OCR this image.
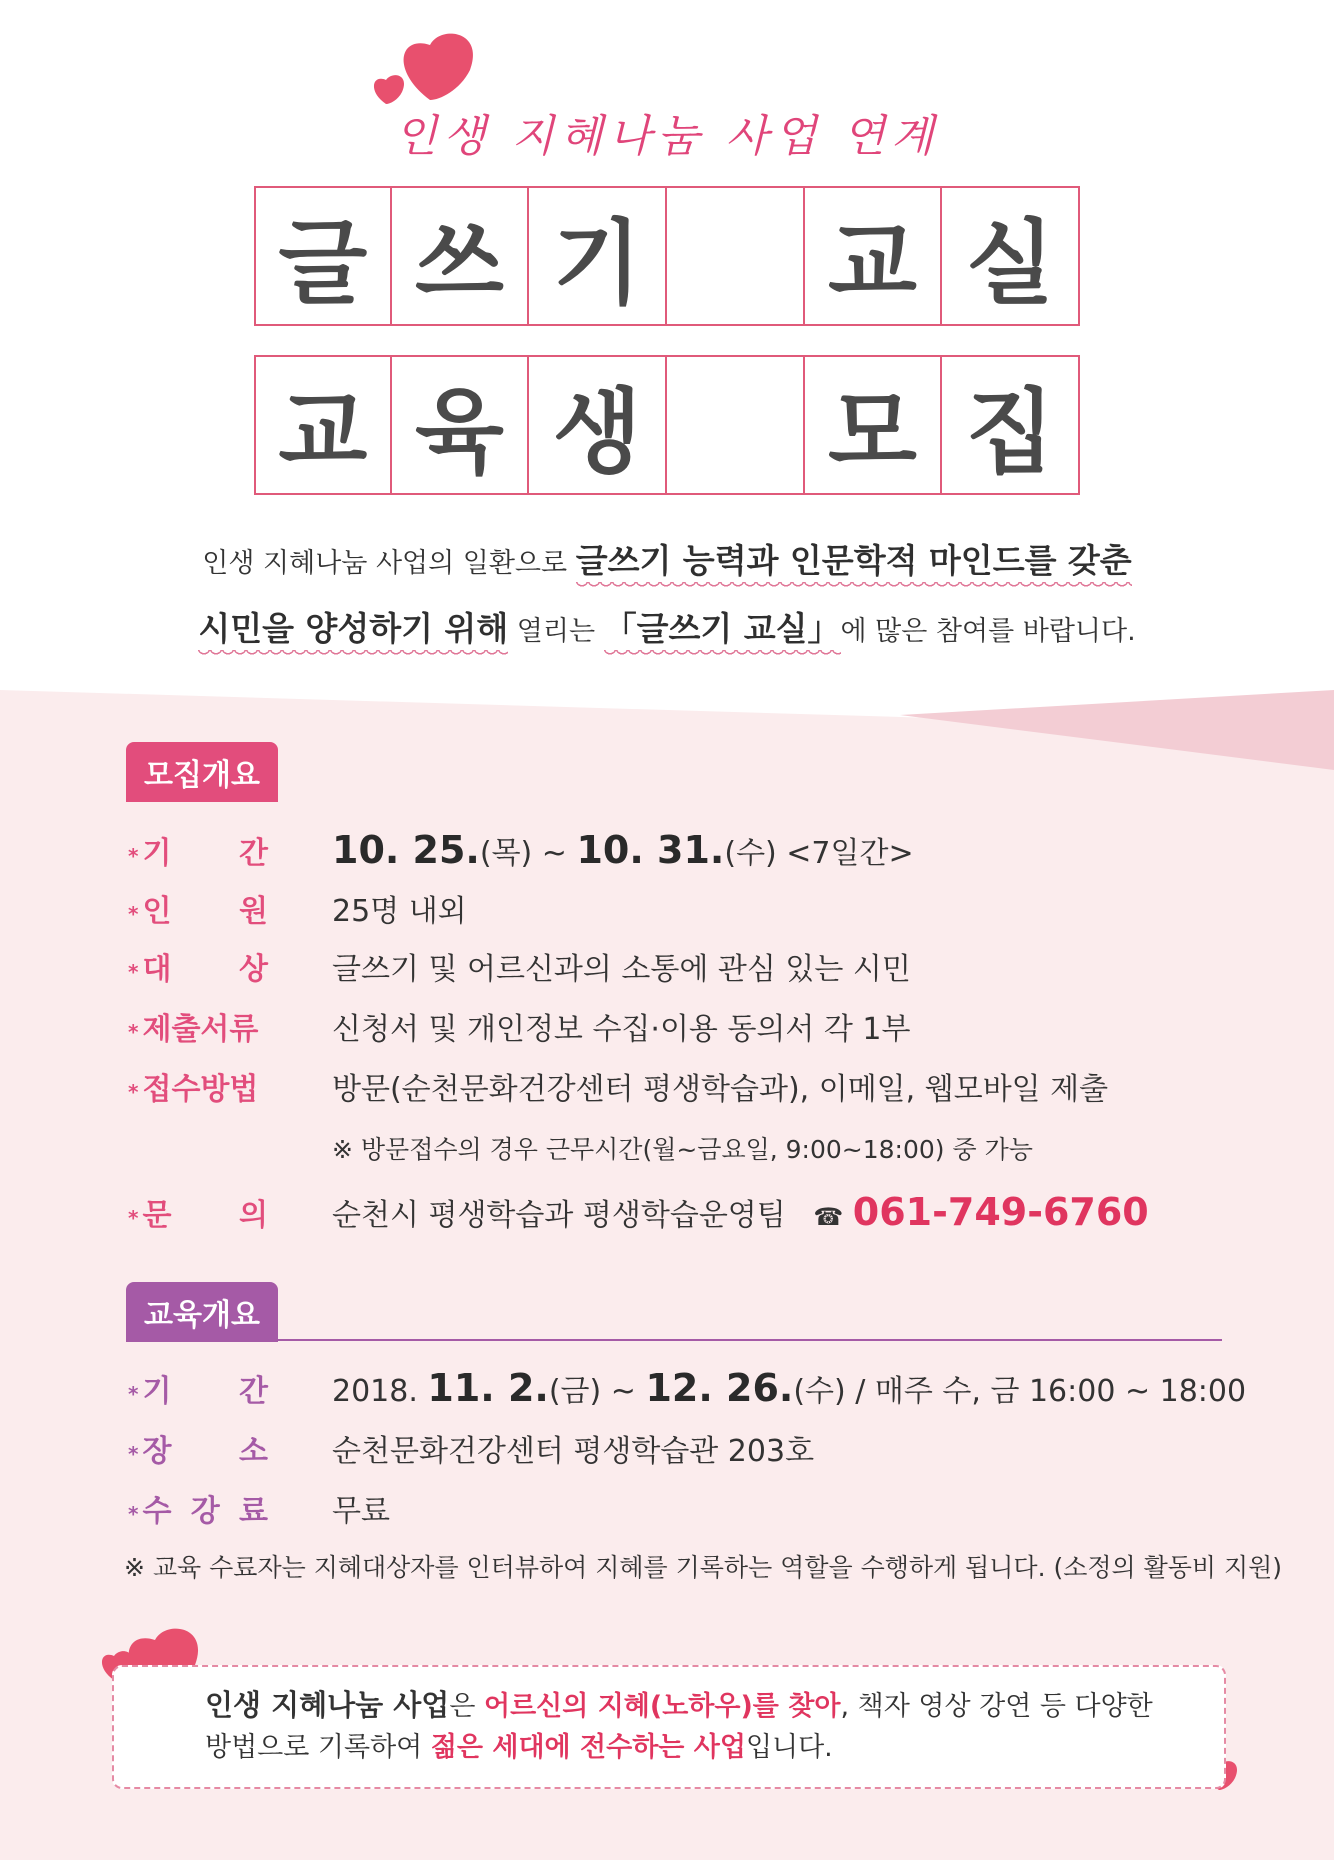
인생 지혜나눔 사업 연계
글 쓰 기 교 실
교 육 생 모 집
인생 지혜나눔 사업의 일환으로 글쓰기 능력과 인문학적 마인드를 갖춘
시민을 양성하기 위해 열리는 「글쓰기 교실」에 많은 참여를 바랍니다.
모집개요
* 기 간 10. 25.(목) ~ 10. 31.(수) <7일간>
* 인 원 25명 내외
* 대 상 글쓰기 및 어르신과의 소통에 관심 있는 시민
* 제출서류 신청서 및 개인정보 수집·이용 동의서 각 1부
* 접수방법 방문(순천문화건강센터 평생학습과), 이메일, 웹모바일 제출
※ 방문접수의 경우 근무시간(월~금요일, 9:00~18:00) 중 가능
* 문 의 순천시 평생학습과 평생학습운영팀 ☎ 061-749-6760
교육개요
* 기 간 2018. 11. 2.(금) ~ 12. 26.(수) / 매주 수, 금 16:00 ~ 18:00
* 장 소 순천문화건강센터 평생학습관 203호
* 수 강 료 무료
※ 교육 수료자는 지혜대상자를 인터뷰하여 지혜를 기록하는 역할을 수행하게 됩니다. (소정의 활동비 지원)
인생 지혜나눔 사업은 어르신의 지혜(노하우)를 찾아, 책자 영상 강연 등 다양한
방법으로 기록하여 젊은 세대에 전수하는 사업입니다.
